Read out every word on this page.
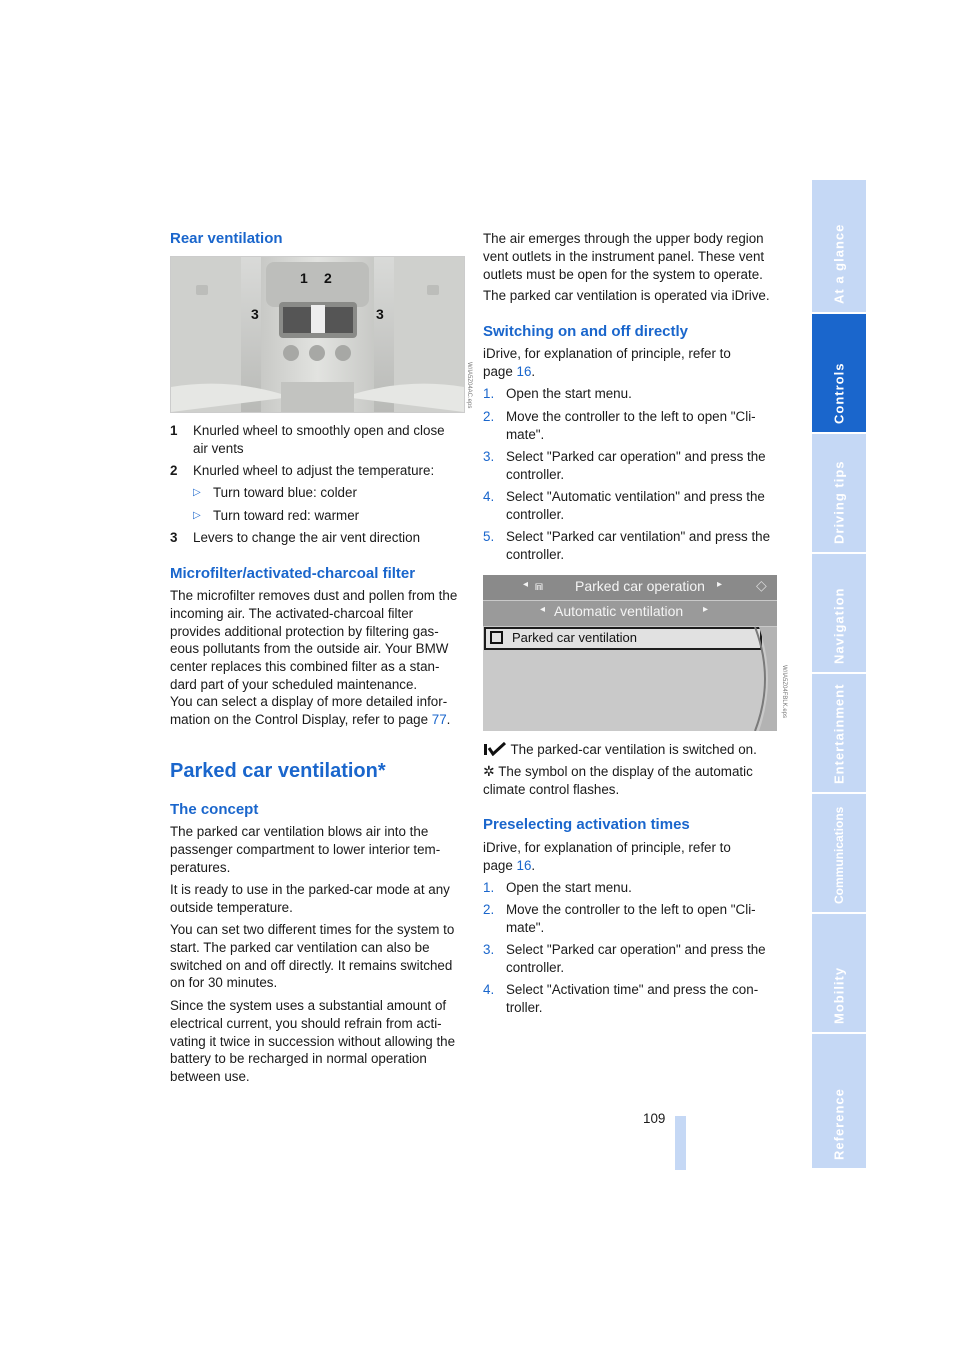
Rear ventilation
1 2
3	3
W/IA5Z04AC.eps
1 Knurled wheel to smoothly open and close air vents
2 Knurled wheel to adjust the temperature:
▷ Turn toward blue: colder
▷ Turn toward red: warmer
3 Levers to change the air vent direction
Microfilter/activated-charcoal filter

The microfilter removes dust and pollen from the incoming air. The activated-charcoal filter provides additional protection by filtering gas-eous pollutants from the outside air. Your BMW center replaces this combined filter as a stan-dard part of your scheduled maintenance.

You can select a display of more detailed infor-mation on the Control Display, refer to page 77.

Parked car ventilation*
The concept

The parked car ventilation blows air into the passenger compartment to lower interior tem-peratures.

It is ready to use in the parked-car mode at any outside temperature.

You can set two different times for the system to start. The parked car ventilation can also be switched on and off directly. It remains switched on for 30 minutes.

Since the system uses a substantial amount of electrical current, you should refrain from acti-vating it twice in succession without allowing the battery to be recharged in normal operation between use.

The air emerges through the upper body region vent outlets in the instrument panel. These vent outlets must be open for the system to operate.

The parked car ventilation is operated via iDrive.

Switching on and off directly

iDrive, for explanation of principle, refer to page 16.

1. Open the start menu.
2. Move the controller to the left to open "Cli-mate".
3. Select "Parked car operation" and press the controller.
4. Select "Automatic ventilation" and press the controller.
5. Select "Parked car ventilation" and press the controller.
◂ ⩎ Parked car operation ▸ ◇
◂ Automatic ventilation ▸
Parked car ventilation
W/IA5Z04FBLK.eps
The parked-car ventilation is switched on.
✲ The symbol on the display of the automatic climate control flashes.
Preselecting activation times

iDrive, for explanation of principle, refer to page 16.

1. Open the start menu.
2. Move the controller to the left to open "Cli-mate".
3. Select "Parked car operation" and press the controller.
4. Select "Activation time" and press the con-troller.
At a glance
Controls
Driving tips
Navigation
Entertainment
Communications
Mobility
Reference
109
